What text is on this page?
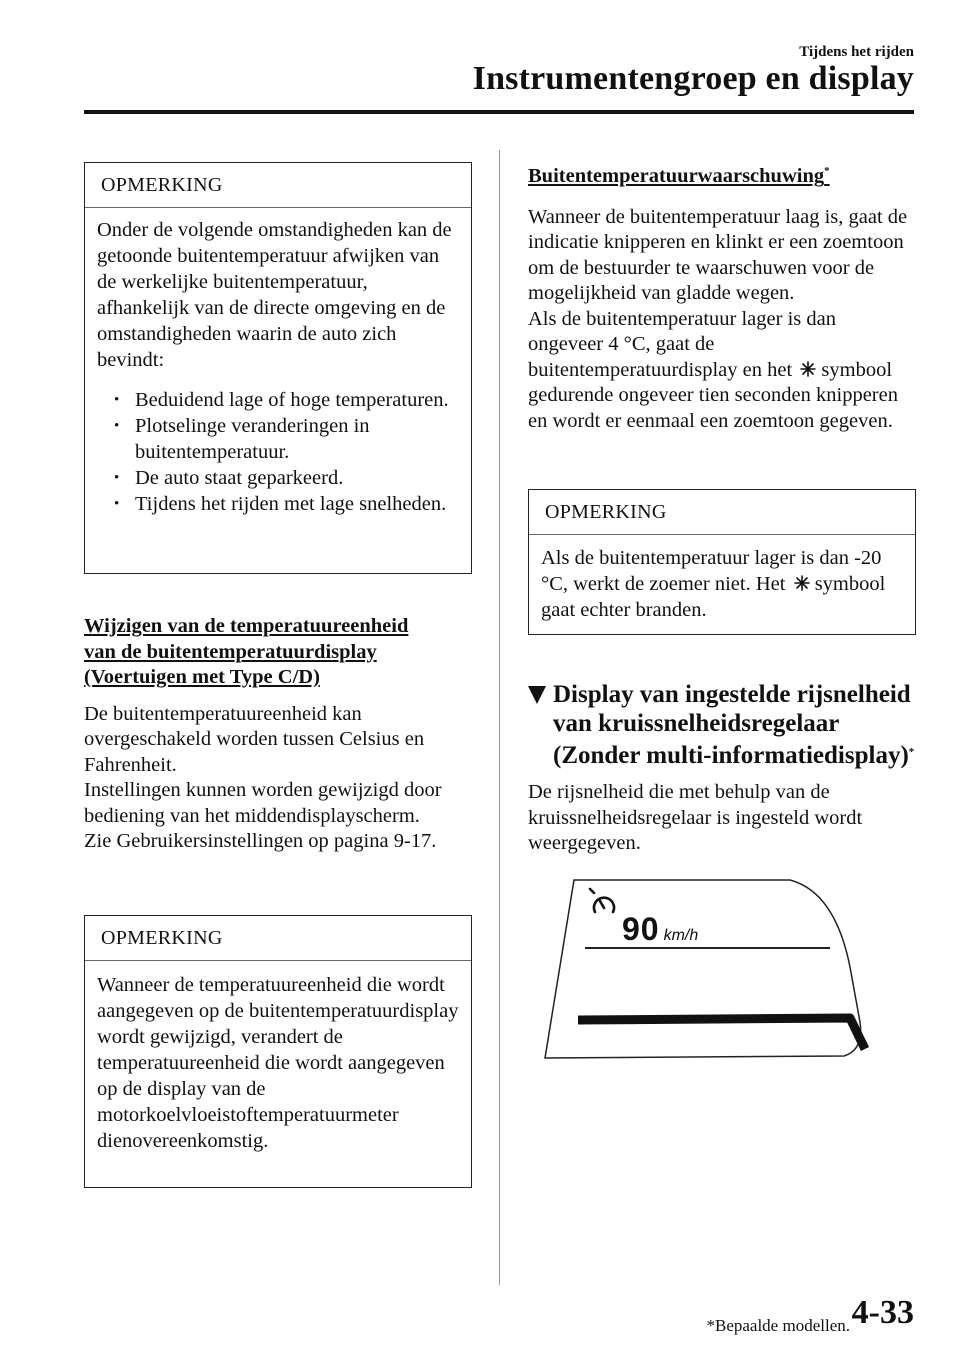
Tijdens het rijden
Instrumentengroep en display
OPMERKING
Onder de volgende omstandigheden kan de getoonde buitentemperatuur afwijken van de werkelijke buitentemperatuur, afhankelijk van de directe omgeving en de omstandigheden waarin de auto zich bevindt:
• Beduidend lage of hoge temperaturen.
• Plotselinge veranderingen in buitentemperatuur.
• De auto staat geparkeerd.
• Tijdens het rijden met lage snelheden.
Wijzigen van de temperatuureenheid
van de buitentemperatuurdisplay
(Voertuigen met Type C/D)
De buitentemperatuureenheid kan overgeschakeld worden tussen Celsius en Fahrenheit.
Instellingen kunnen worden gewijzigd door bediening van het middendisplayscherm.
Zie Gebruikersinstellingen op pagina 9-17.
OPMERKING
Wanneer de temperatuureenheid die wordt aangegeven op de buitentemperatuurdisplay wordt gewijzigd, verandert de temperatuureenheid die wordt aangegeven op de display van de motorkoelvloeistoftemperatuurmeter dienovereenkomstig.
Buitentemperatuurwaarschuwing*
Wanneer de buitentemperatuur laag is, gaat de indicatie knipperen en klinkt er een zoemtoon om de bestuurder te waarschuwen voor de mogelijkheid van gladde wegen.
Als de buitentemperatuur lager is dan ongeveer 4 °C, gaat de buitentemperatuurdisplay en het symbool gedurende ongeveer tien seconden knipperen en wordt er eenmaal een zoemtoon gegeven.
OPMERKING
Als de buitentemperatuur lager is dan -20 °C, werkt de zoemer niet. Het symbool gaat echter branden.
Display van ingestelde rijsnelheid
van kruissnelheidsregelaar
(Zonder multi-informatiedisplay)*
De rijsnelheid die met behulp van de kruissnelheidsregelaar is ingesteld wordt weergegeven.
90 km/h
*Bepaalde modellen. 4-33
